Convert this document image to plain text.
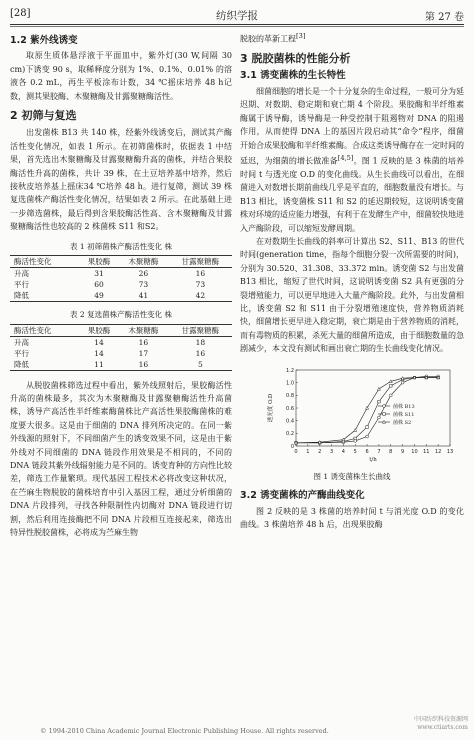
[28]	纺织学报	第 27 卷
1.2 紫外线诱变

取原生质体悬浮液于平面皿中，紫外灯(30 W,间隔 30 cm)下诱变 90 s，取稀释度分别为 1%、0.1%、0.01% 的溶液各 0.2 mL，再生平板涂布计数，34 ℃摇床培养 48 h记数，测其果胶酶、木聚糖酶及甘露聚糖酶活性。

2 初筛与复选

出发菌株 B13 共 140 株，经紫外线诱变后，测试其产酶活性变化情况，如表 1 所示。在初筛菌株时，依据表 1 中结果，首先选出木聚糖酶及甘露聚糖酶升高的菌株，并结合果胶酶活性升高的菌株，共计 39 株，在土豆培养基中培养，然后接秋皮培养基上摇床34 ℃培养 48 h。进行复筛，测试 39 株复选菌株产酶活性变化情况，结果如表 2 所示。在此基础上进一步筛选菌株，最后得到含果胶酶活性高、含木聚糖酶及甘露聚糖酶活性也较高的 2 株菌株 S11 和S2。

表 1 初筛菌株产酶活性变化 株
酶活性变化	果胶酶	木聚糖酶	甘露聚糖酶
升高	31	26	16
平行	60	73	73
降低	49	41	42
表 2 复选菌株产酶活性变化 株
酶活性变化	果胶酶	木聚糖酶	甘露聚糖酶
升高	14	16	18
平行	14	17	16
降低	11	16	5

从脱胶菌株筛选过程中看出，紫外线照射后，果胶酶活性升高的菌株最多，其次为木聚糖酶及甘露聚糖酶活性升高菌株，诱导产高活性半纤维素酶菌株比产高活性果胶酶菌株的难度要大很多。这是由于细菌的 DNA 排列所决定的。在同一紫外线源的照射下，不同细菌产生的诱变效果不同，这是由于紫外线对不同细菌的 DNA 链段作用效果是不相同的，不同的 DNA 链段其紫外线辐射能力是不同的。诱变育种的方向性比较差，筛选工作量繁琐。现代基因工程技术必将改变这种状况，在苎麻生物脱胶的菌株培育中引入基因工程，通过分析细菌的 DNA 片段排列，寻找各种限制性内切酶对 DNA 链段进行切割，然后利用连接酶把不同 DNA 片段相互连接起来，筛选出特异性脱胶菌株，必将成为苎麻生物

脱胶的革新工程[3]

3 脱胶菌株的性能分析
3.1 诱变菌株的生长特性

细菌细胞的增长是一个十分复杂的生命过程，一般可分为延迟期、对数期、稳定期和衰亡期 4 个阶段。果胶酶和半纤维素酶属于诱导酶，诱导酶是一种受控制于阻遏物对 DNA 的阻遏作用，从而使得 DNA 上的基因片段启动其“命令”程序，细菌开始合成果胶酶和半纤维素酶。合成这类诱导酶存在一定时间的延迟，为细菌的增长做准备[4,5]。图 1 反映的是 3 株菌的培养时间 t 与透光度 O.D 的变化曲线。从生长曲线可以看出，在细菌进入对数增长期前曲线几乎是平直的，细胞数量没有增长。与 B13 相比，诱变菌株 S11 和 S2 的延迟期较短，这说明诱变菌株对环境的适应能力增强，有利于在发酵生产中，细菌较快地进入产酶阶段，可以缩短发酵周期。

在对数期生长曲线的斜率可计算出 S2、S11、B13 的世代时间(generation time，指每个细胞分裂一次所需要的时间)，分别为 30.520、31.308、33.372 min。诱变菌 S2 与出发菌 B13 相比，缩短了世代时间，这说明诱变菌 S2 具有更强的分裂增殖能力，可以更早地进入大量产酶阶段。此外，与出发菌相比，诱变菌 S2 和 S11 由于分裂增殖速度快，营养物质消耗快，细菌增长更早进入稳定期，衰亡期是由于营养物质的消耗，而有毒物质的积累，杀死大量的细菌所造成，由于细胞数量的急剧减少，本文没有测试和画出衰亡期的生长曲线变化情况。

0 1 2 3 4 5 6 7 8 9 10 11 12 13
0
0.2
0.4
0.6
0.8
1.0
1.2
t/h
透光度 O.D	菌株 B13
菌株 S11
菌株 S2
图 1 诱变菌株生长曲线
3.2 诱变菌株的产酶曲线变化

图 2 反映的是 3 株菌的培养时间 t 与消光度 O.D 的变化曲线。3 株菌培养 48 h 后，出现果胶酶

© 1994-2010 China Academic Journal Electronic Publishing House. All rights reserved.
中国纺织科技资源网
www.ctiarts.com
